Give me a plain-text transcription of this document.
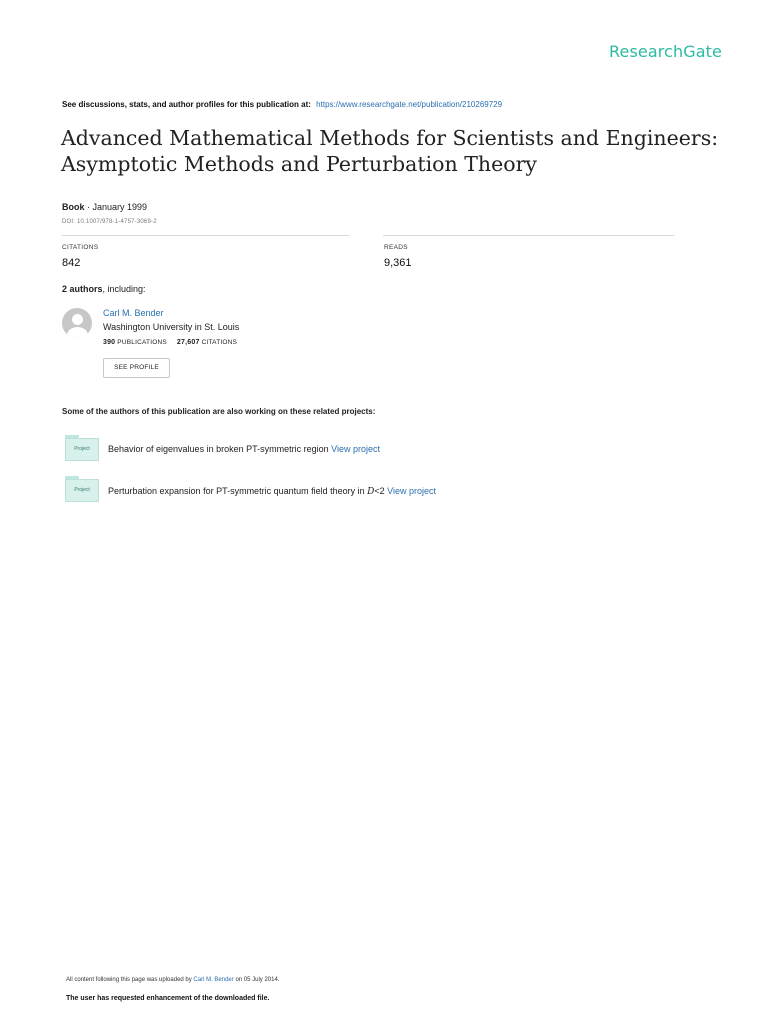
ResearchGate
See discussions, stats, and author profiles for this publication at: https://www.researchgate.net/publication/210269729
Advanced Mathematical Methods for Scientists and Engineers:
Asymptotic Methods and Perturbation Theory
Book · January 1999
DOI: 10.1007/978-1-4757-3069-2
CITATIONS
842
READS
9,361
2 authors, including:
Carl M. Bender
Washington University in St. Louis
390 PUBLICATIONS 27,607 CITATIONS
SEE PROFILE
Some of the authors of this publication are also working on these related projects:
Project	Behavior of eigenvalues in broken PT-symmetric region View project
Project	Perturbation expansion for PT-symmetric quantum field theory in D<2 View project
All content following this page was uploaded by Carl M. Bender on 05 July 2014.
The user has requested enhancement of the downloaded file.
